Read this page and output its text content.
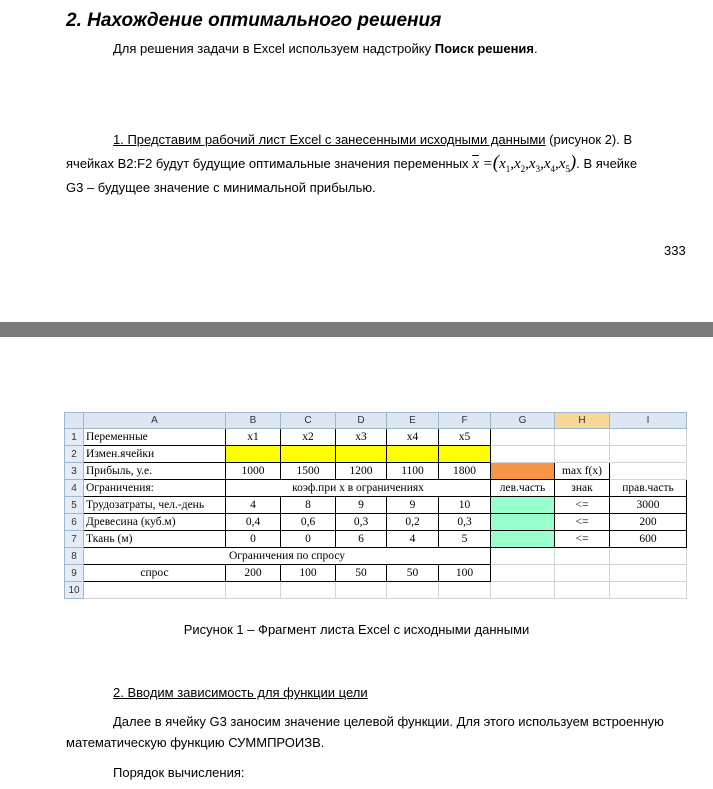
2. Нахождение оптимального решения
Для решения задачи в Excel используем надстройку Поиск решения.
1. Представим рабочий лист Excel с занесенными исходными данными (рисунок 2). В
ячейках B2:F2 будут будущие оптимальные значения переменных $\overline{x} =(x_1,x_2,x_3,x_4,x_5)$. В ячейке
G3 – будущее значение с минимальной прибылью.
333
	A	B	C	D	E	F	G	H	I
1	Переменные	x1	x2	x3	x4	x5			
2	Измен.ячейки								
3	Прибыль, у.е.	1000	1500	1200	1100	1800		max f(x)	
4	Ограничения:	коэф.при x в ограничениях					лев.часть	знак	прав.часть
5	Трудозатраты, чел.-день	4	8	9	9	10		<=	3000
6	Древесина (куб.м)	0,4	0,6	0,3	0,2	0,3		<=	200
7	Ткань (м)	0	0	6	4	5		<=	600
8	Ограничения по спросу								
9	спрос	200	100	50	50	100			
10									
Рисунок 1 – Фрагмент листа Excel с исходными данными
2. Вводим зависимость для функции цели
Далее в ячейку G3 заносим значение целевой функции. Для этого используем встроенную
математическую функцию СУММПРОИЗВ.
Порядок вычисления:
